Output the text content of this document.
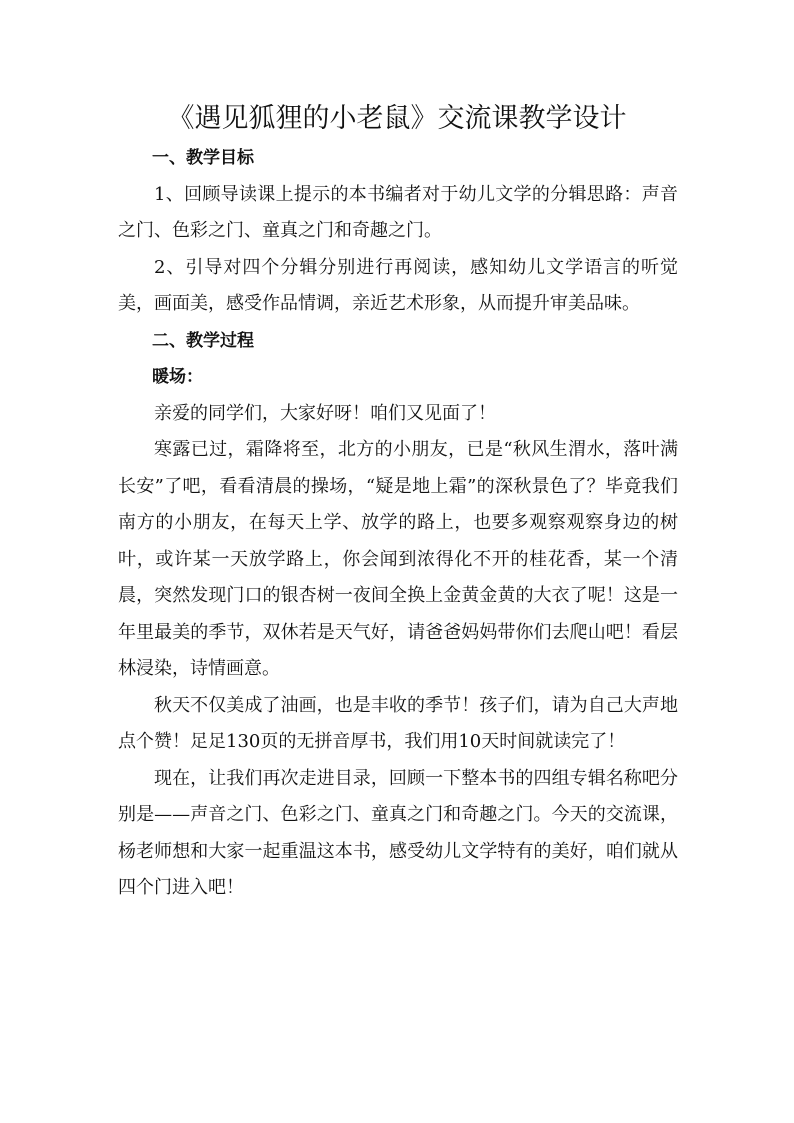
《遇见狐狸的小老鼠》交流课教学设计

一、教学目标

1、回顾导读课上提示的本书编者对于幼儿文学的分辑思路：声音之门、色彩之门、童真之门和奇趣之门。

2、引导对四个分辑分别进行再阅读，感知幼儿文学语言的听觉美，画面美，感受作品情调，亲近艺术形象，从而提升审美品味。

二、教学过程

暖场：

亲爱的同学们，大家好呀！咱们又见面了！

寒露已过，霜降将至，北方的小朋友，已是“秋风生渭水，落叶满长安”了吧，看看清晨的操场，“疑是地上霜”的深秋景色了？毕竟我们南方的小朋友，在每天上学、放学的路上，也要多观察观察身边的树叶，或许某一天放学路上，你会闻到浓得化不开的桂花香，某一个清晨，突然发现门口的银杏树一夜间全换上金黄金黄的大衣了呢！这是一年里最美的季节，双休若是天气好，请爸爸妈妈带你们去爬山吧！看层林浸染，诗情画意。

秋天不仅美成了油画，也是丰收的季节！孩子们，请为自己大声地点个赞！足足130页的无拼音厚书，我们用10天时间就读完了！

现在，让我们再次走进目录，回顾一下整本书的四组专辑名称吧分别是——声音之门、色彩之门、童真之门和奇趣之门。今天的交流课，杨老师想和大家一起重温这本书，感受幼儿文学特有的美好，咱们就从四个门进入吧！
